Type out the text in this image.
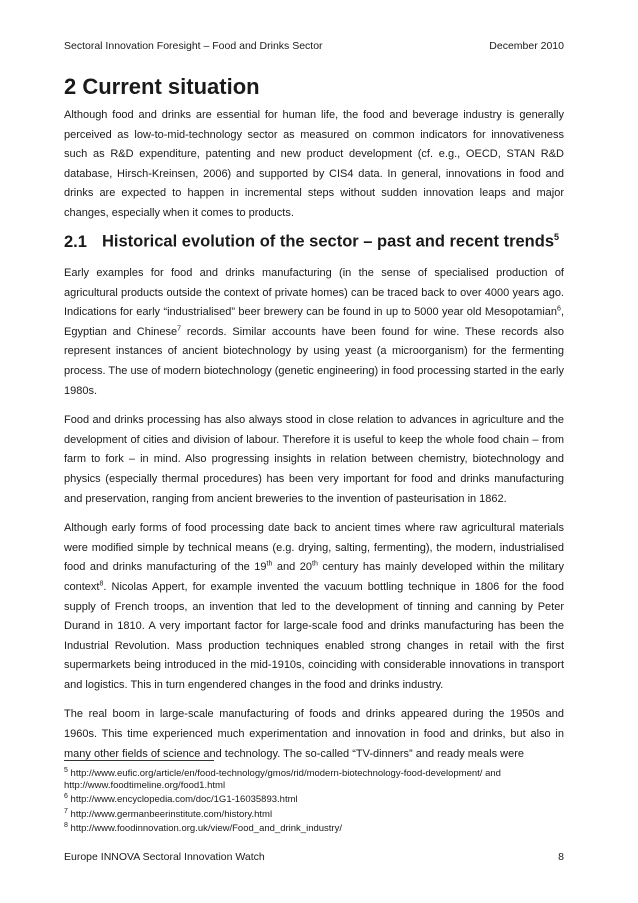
Sectoral Innovation Foresight – Food and Drinks Sector	December 2010
2 Current situation

Although food and drinks are essential for human life, the food and beverage industry is generally perceived as low-to-mid-technology sector as measured on common indicators for innovativeness such as R&D expenditure, patenting and new product development (cf. e.g., OECD, STAN R&D database, Hirsch-Kreinsen, 2006) and supported by CIS4 data. In general, innovations in food and drinks are expected to happen in incremental steps without sudden innovation leaps and major changes, especially when it comes to products.

2.1 Historical evolution of the sector – past and recent trends$^5$

Early examples for food and drinks manufacturing (in the sense of specialised production of agricultural products outside the context of private homes) can be traced back to over 4000 years ago. Indications for early “industrialised” beer brewery can be found in up to 5000 year old Mesopotamian$^6$, Egyptian and Chinese$^7$ records. Similar accounts have been found for wine. These records also represent instances of ancient biotechnology by using yeast (a microorganism) for the fermenting process. The use of modern biotechnology (genetic engineering) in food processing started in the early 1980s.

Food and drinks processing has also always stood in close relation to advances in agriculture and the development of cities and division of labour. Therefore it is useful to keep the whole food chain – from farm to fork – in mind. Also progressing insights in relation between chemistry, biotechnology and physics (especially thermal procedures) has been very important for food and drinks manufacturing and preservation, ranging from ancient breweries to the invention of pasteurisation in 1862.

Although early forms of food processing date back to ancient times where raw agricultural materials were modified simple by technical means (e.g. drying, salting, fermenting), the modern, industrialised food and drinks manufacturing of the 19th and 20th century has mainly developed within the military context$^8$. Nicolas Appert, for example invented the vacuum bottling technique in 1806 for the food supply of French troops, an invention that led to the development of tinning and canning by Peter Durand in 1810. A very important factor for large-scale food and drinks manufacturing has been the Industrial Revolution. Mass production techniques enabled strong changes in retail with the first supermarkets being introduced in the mid-1910s, coinciding with considerable innovations in transport and logistics. This in turn engendered changes in the food and drinks industry.

The real boom in large-scale manufacturing of foods and drinks appeared during the 1950s and 1960s. This time experienced much experimentation and innovation in food and drinks, but also in many other fields of science and technology. The so-called “TV-dinners” and ready meals were

$^5$ http://www.eufic.org/article/en/food-technology/gmos/rid/modern-biotechnology-food-development/ and
http://www.foodtimeline.org/food1.html
$^6$ http://www.encyclopedia.com/doc/1G1-16035893.html
$^7$ http://www.germanbeerinstitute.com/history.html
$^8$ http://www.foodinnovation.org.uk/view/Food_and_drink_industry/
Europe INNOVA Sectoral Innovation Watch	8
